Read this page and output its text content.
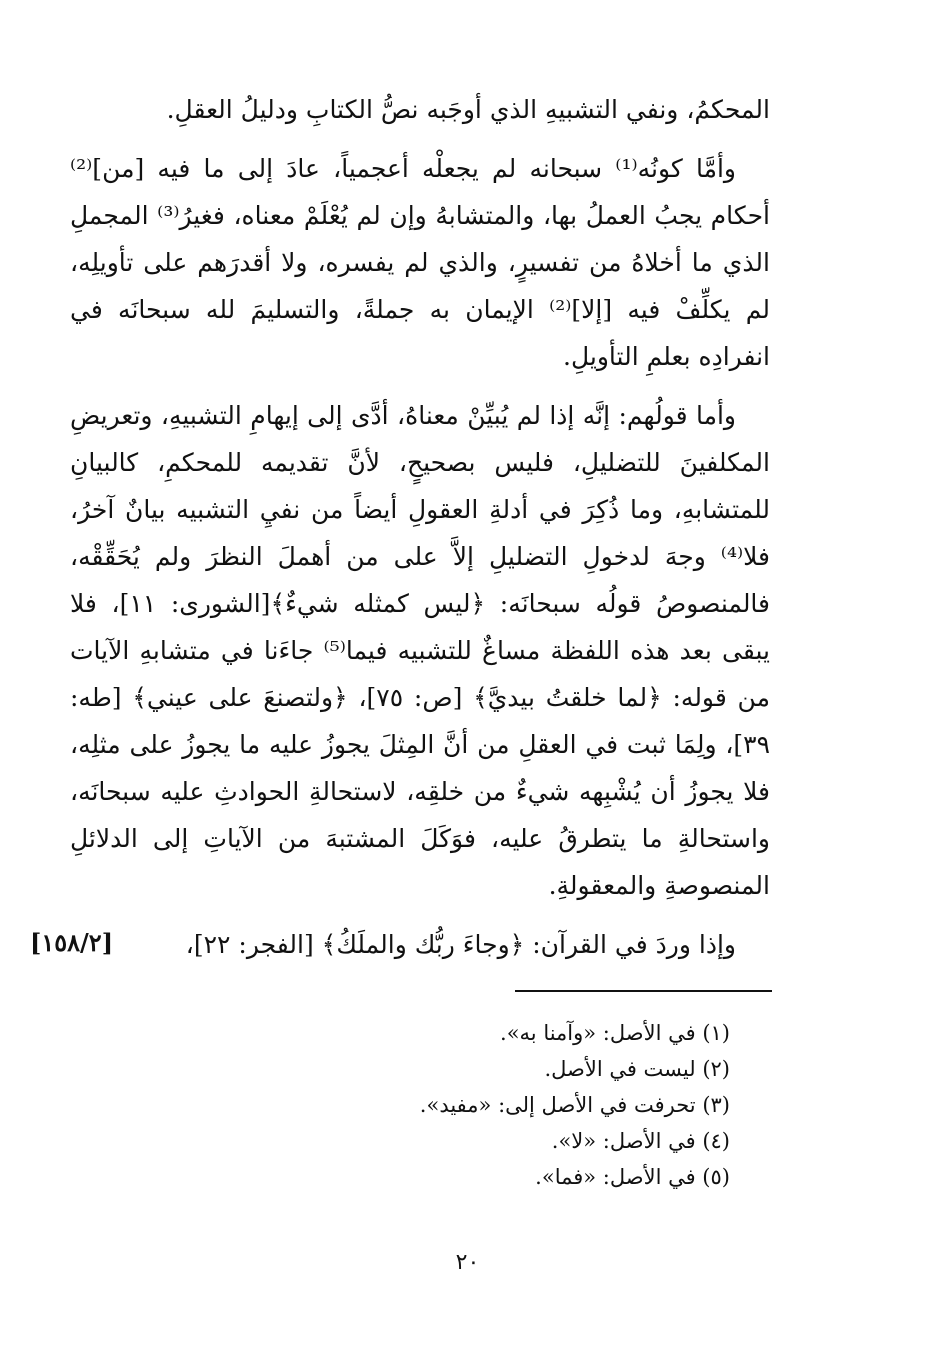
المحكمُ، ونفي التشبيهِ الذي أوجَبه نصُّ الكتابِ ودليلُ العقلِ.

وأمَّا كونُه⁽¹⁾ سبحانه لم يجعلْه أعجمياً، عادَ إلى ما فيه [من]⁽²⁾ أحكام يجبُ العملُ بها، والمتشابهُ وإن لم يُعْلَمْ معناه، فغيرُ⁽³⁾ المجملِ الذي ما أخلاهُ من تفسيرٍ، والذي لم يفسره، ولا أقدرَهم على تأويلِه، لم يكلِّفْ فيه [إلا]⁽²⁾ الإيمان به جملةً، والتسليمَ لله سبحانَه في انفرادِه بعلمِ التأويلِ.

وأما قولُهم: إنَّه إذا لم يُبيِّنْ معناهُ، أدَّى إلى إيهامِ التشبيهِ، وتعريضِ المكلفينَ للتضليلِ، فليس بصحيحٍ، لأنَّ تقديمه للمحكمِ، كالبيانِ للمتشابهِ، وما ذُكِرَ في أدلةِ العقولِ أيضاً من نفيِ التشبيه بيانٌ آخرُ، فلا⁽⁴⁾ وجهَ لدخولِ التضليلِ إلاَّ على من أهملَ النظرَ ولم يُحَقِّقْه، فالمنصوصُ قولُه سبحانَه: ﴿ليس كمثله شيءٌ﴾[الشورى: ١١]، فلا يبقى بعد هذه اللفظة مساغٌ للتشبيه فيما⁽⁵⁾ جاءَنا في متشابهِ الآيات من قوله: ﴿لما خلقتُ بيديَّ﴾ [ص: ٧٥]، ﴿ولتصنعَ على عيني﴾ [طه: ٣٩]، ولِمَا ثبت في العقلِ من أنَّ المِثلَ يجوزُ عليه ما يجوزُ على مثلِه، فلا يجوزُ أن يُشْبِهه شيءٌ من خلقِه، لاستحالةِ الحوادثِ عليه سبحانَه، واستحالةِ ما يتطرقُ عليه، فوَكَلَ المشتبهَ من الآياتِ إلى الدلائلِ المنصوصةِ والمعقولةِ.

وإذا وردَ في القرآن: ﴿وجاءَ ربُّك والملَكُ﴾ [الفجر: ٢٢]،

[١٥٨/٢]
(١) في الأصل: «وآمنا به».
(٢) ليست في الأصل.
(٣) تحرفت في الأصل إلى: «مفيد».
(٤) في الأصل: «لا».
(٥) في الأصل: «فما».
٢٠
